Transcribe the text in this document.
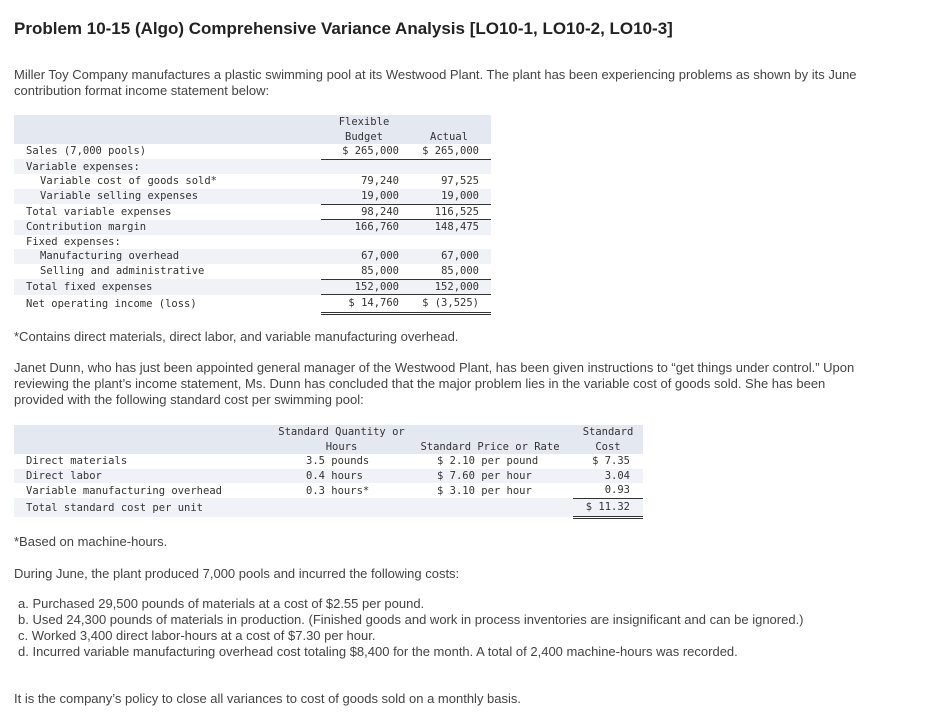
Problem 10-15 (Algo) Comprehensive Variance Analysis [LO10-1, LO10-2, LO10-3]

Miller Toy Company manufactures a plastic swimming pool at its Westwood Plant. The plant has been experiencing problems as shown by its June contribution format income statement below:

	Flexible	
	Budget	Actual
Sales (7,000 pools)	$ 265,000	$ 265,000
Variable expenses:		
Variable cost of goods sold*	79,240	97,525
Variable selling expenses	19,000	19,000
Total variable expenses	98,240	116,525
Contribution margin	166,760	148,475
Fixed expenses:		
Manufacturing overhead	67,000	67,000
Selling and administrative	85,000	85,000
Total fixed expenses	152,000	152,000
Net operating income (loss)	$ 14,760	$ (3,525)

*Contains direct materials, direct labor, and variable manufacturing overhead.

Janet Dunn, who has just been appointed general manager of the Westwood Plant, has been given instructions to “get things under control.” Upon reviewing the plant’s income statement, Ms. Dunn has concluded that the major problem lies in the variable cost of goods sold. She has been provided with the following standard cost per swimming pool:

	Standard Quantity or		Standard
	Hours	Standard Price or Rate	Cost
Direct materials	3.5 pounds	$ 2.10 per pound	$ 7.35
Direct labor	0.4 hours	$ 7.60 per hour	3.04
Variable manufacturing overhead	0.3 hours*	$ 3.10 per hour	0.93
Total standard cost per unit			$ 11.32

*Based on machine-hours.

During June, the plant produced 7,000 pools and incurred the following costs:

a. Purchased 29,500 pounds of materials at a cost of $2.55 per pound.
b. Used 24,300 pounds of materials in production. (Finished goods and work in process inventories are insignificant and can be ignored.)
c. Worked 3,400 direct labor-hours at a cost of $7.30 per hour.
d. Incurred variable manufacturing overhead cost totaling $8,400 for the month. A total of 2,400 machine-hours was recorded.

It is the company’s policy to close all variances to cost of goods sold on a monthly basis.
